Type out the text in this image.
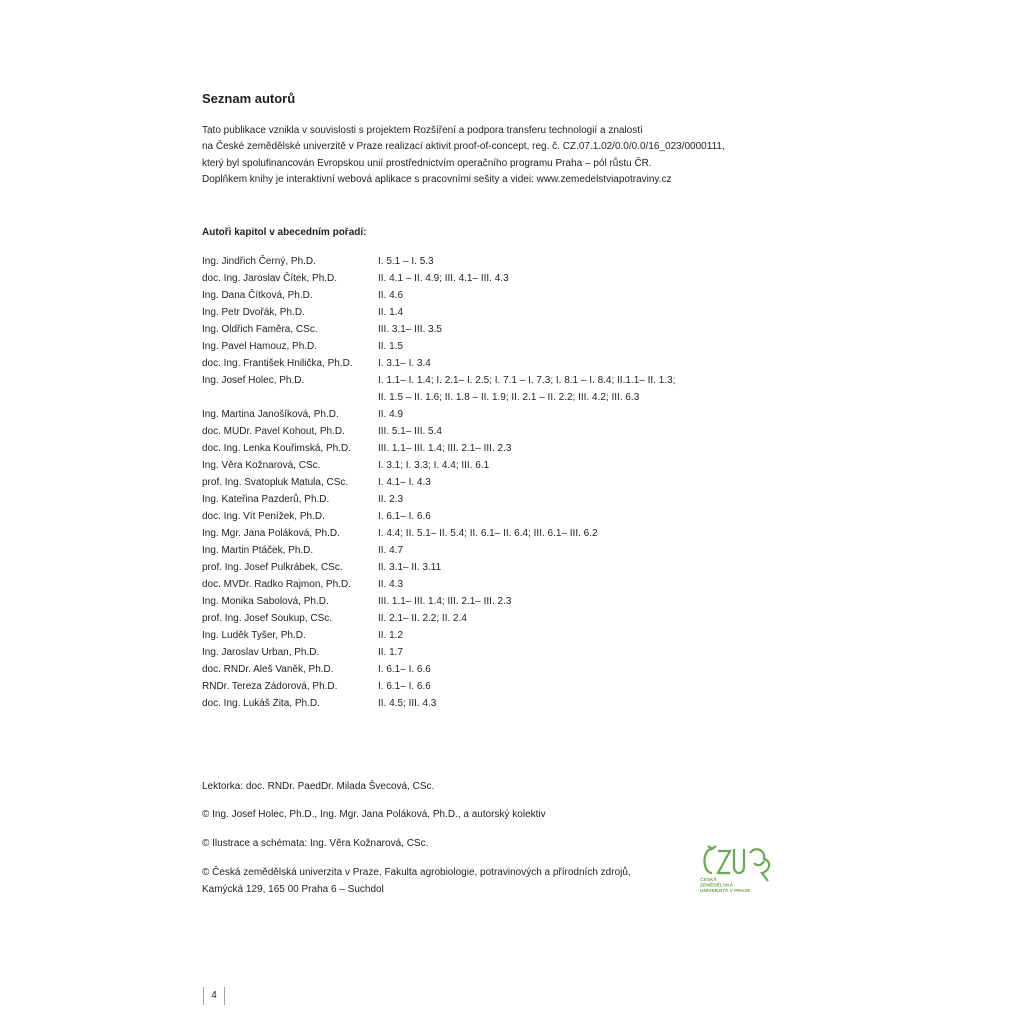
Seznam autorů
Tato publikace vznikla v souvislosti s projektem Rozšíření a podpora transferu technologií a znalostí
na České zemědělské univerzitě v Praze realizací aktivit proof-of-concept, reg. č. CZ.07.1.02/0.0/0.0/16_023/0000111,
který byl spolufinancován Evropskou unií prostřednictvím operačního programu Praha – pól růstu ČR.
Doplňkem knihy je interaktivní webová aplikace s pracovními sešity a videi: www.zemedelstviapotraviny.cz
Autoři kapitol v abecedním pořadí:
Ing. Jindřich Černý, Ph.D.	I. 5.1 – I. 5.3
doc. Ing. Jaroslav Čítek, Ph.D.	II. 4.1 – II. 4.9; III. 4.1– III. 4.3
Ing. Dana Čítková, Ph.D.	II. 4.6
Ing. Petr Dvořák, Ph.D.	II. 1.4
Ing. Oldřich Faměra, CSc.	III. 3.1– III. 3.5
Ing. Pavel Hamouz, Ph.D.	II. 1.5
doc. Ing. František Hnilička, Ph.D.	I. 3.1– I. 3.4
Ing. Josef Holec, Ph.D.	I. 1.1– I. 1.4; I. 2.1– I. 2.5; I. 7.1 – I. 7.3; I. 8.1 – I. 8.4; II.1.1– II. 1.3;
II. 1.5 – II. 1.6; II. 1.8 – II. 1.9; II. 2.1 – II. 2.2; III. 4.2; III. 6.3
Ing. Martina Janošíková, Ph.D.	II. 4.9
doc. MUDr. Pavel Kohout, Ph.D.	III. 5.1– III. 5.4
doc. Ing. Lenka Kouřimská, Ph.D.	III. 1.1– III. 1.4; III. 2.1– III. 2.3
Ing. Věra Kožnarová, CSc.	I. 3.1; I. 3.3; I. 4.4; III. 6.1
prof. Ing. Svatopluk Matula, CSc.	I. 4.1– I. 4.3
Ing. Kateřina Pazderů, Ph.D.	II. 2.3
doc. Ing. Vít Penížek, Ph.D.	I. 6.1– I. 6.6
Ing. Mgr. Jana Poláková, Ph.D.	I. 4.4; II. 5.1– II. 5.4; II. 6.1– II. 6.4; III. 6.1– III. 6.2
Ing. Martin Ptáček, Ph.D.	II. 4.7
prof. Ing. Josef Pulkrábek, CSc.	II. 3.1– II. 3.11
doc. MVDr. Radko Rajmon, Ph.D.	II. 4.3
Ing. Monika Sabolová, Ph.D.	III. 1.1– III. 1.4; III. 2.1– III. 2.3
prof. Ing. Josef Soukup, CSc.	II. 2.1– II. 2.2; II. 2.4
Ing. Luděk Tyšer, Ph.D.	II. 1.2
Ing. Jaroslav Urban, Ph.D.	II. 1.7
doc. RNDr. Aleš Vaněk, Ph.D.	I. 6.1– I. 6.6
RNDr. Tereza Zádorová, Ph.D.	I. 6.1– I. 6.6
doc. Ing. Lukáš Zita, Ph.D.	II. 4.5; III. 4.3
Lektorka: doc. RNDr. PaedDr. Milada Švecová, CSc.
© Ing. Josef Holec, Ph.D., Ing. Mgr. Jana Poláková, Ph.D., a autorský kolektiv
© Ilustrace a schémata: Ing. Věra Kožnarová, CSc.
© Česká zemědělská univerzita v Praze, Fakulta agrobiologie, potravinových a přírodních zdrojů,
Kamýcká 129, 165 00 Praha 6 – Suchdol
ČESKÁ
ZEMĚDĚLSKÁ
UNIVERZITA V PRAZE
4
